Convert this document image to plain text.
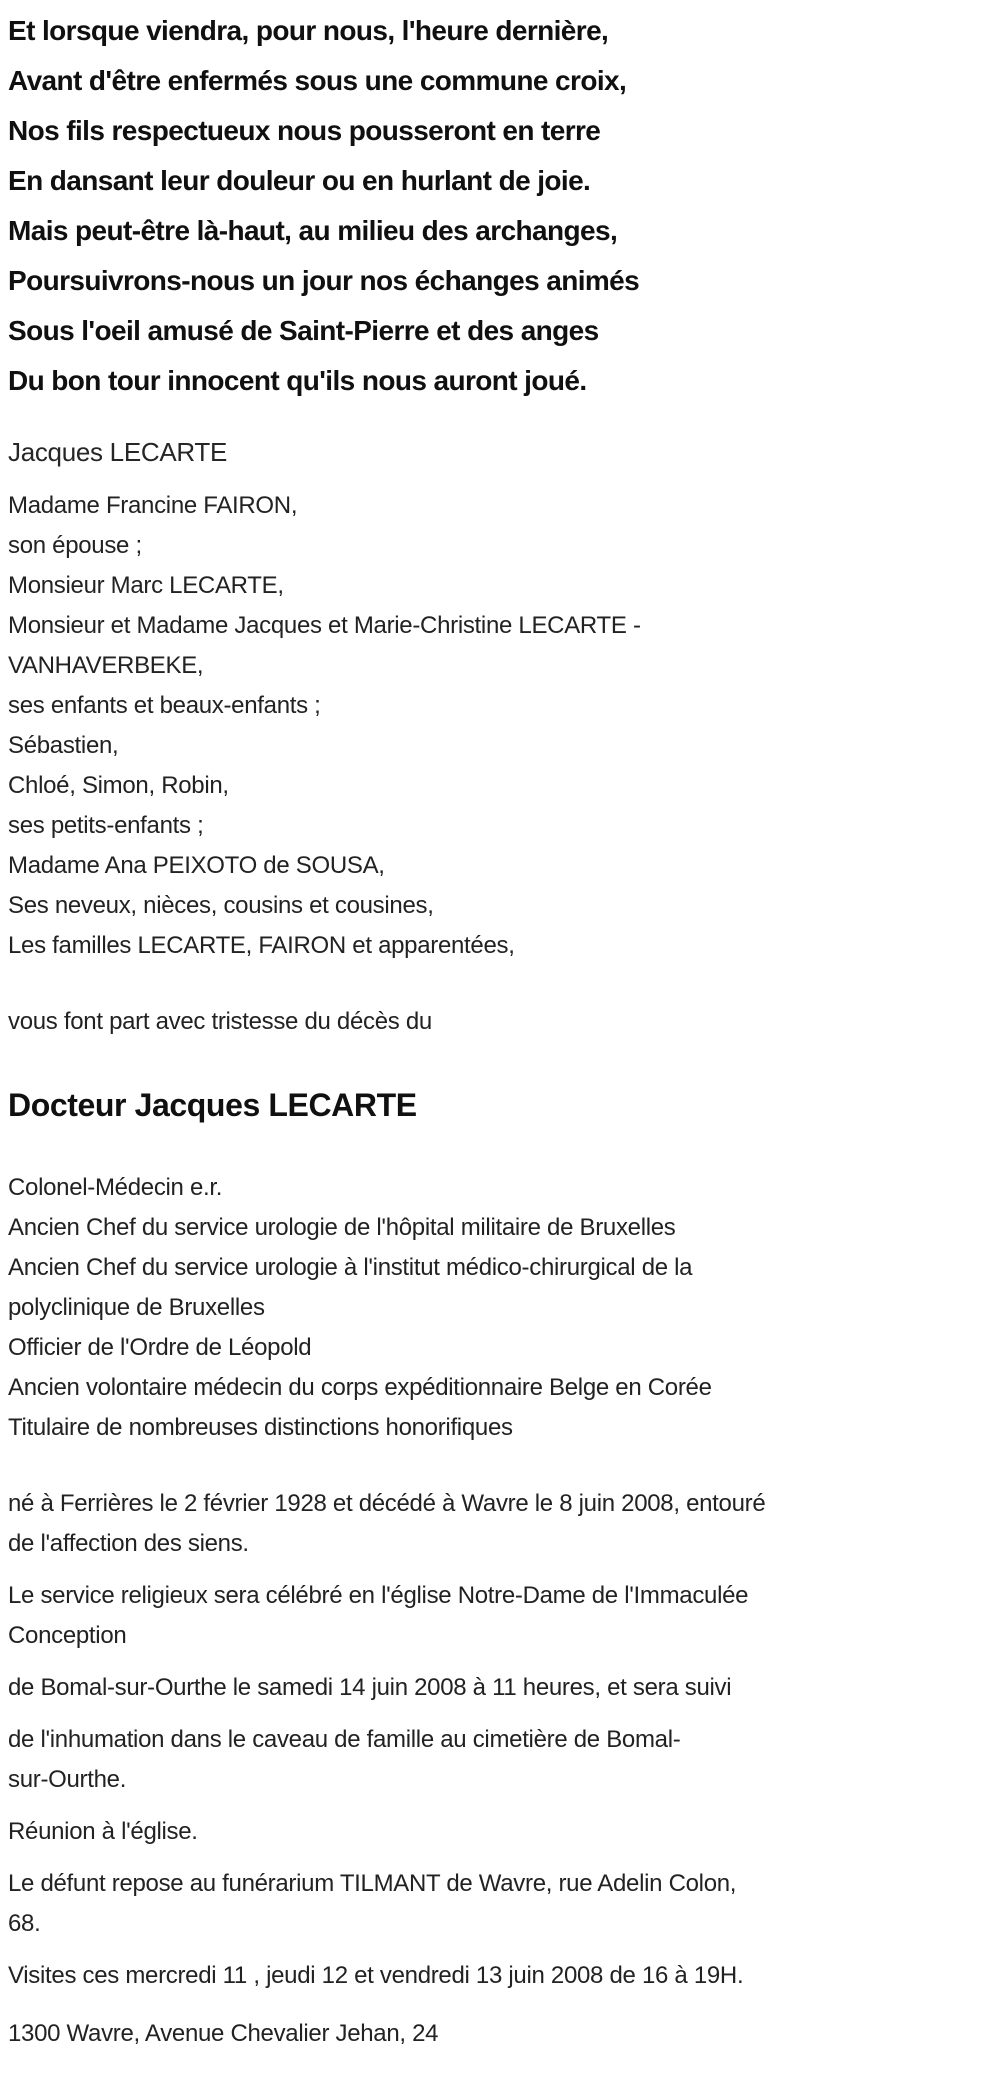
Et lorsque viendra, pour nous, l'heure dernière,

Avant d'être enfermés sous une commune croix,

Nos fils respectueux nous pousseront en terre

En dansant leur douleur ou en hurlant de joie.

Mais peut-être là-haut, au milieu des archanges,

Poursuivrons-nous un jour nos échanges animés

Sous l'oeil amusé de Saint-Pierre et des anges

Du bon tour innocent qu'ils nous auront joué.

Jacques LECARTE

Madame Francine FAIRON,

son épouse ;

Monsieur Marc LECARTE,

Monsieur et Madame Jacques et Marie-Christine LECARTE -

VANHAVERBEKE,

ses enfants et beaux-enfants ;

Sébastien,

Chloé, Simon, Robin,

ses petits-enfants ;

Madame Ana PEIXOTO de SOUSA,

Ses neveux, nièces, cousins et cousines,

Les familles LECARTE, FAIRON et apparentées,

vous font part avec tristesse du décès du

Docteur Jacques LECARTE

Colonel-Médecin e.r.

Ancien Chef du service urologie de l'hôpital militaire de Bruxelles

Ancien Chef du service urologie à l'institut médico-chirurgical de la

polyclinique de Bruxelles

Officier de l'Ordre de Léopold

Ancien volontaire médecin du corps expéditionnaire Belge en Corée

Titulaire de nombreuses distinctions honorifiques

né à Ferrières le 2 février 1928 et décédé à Wavre le 8 juin 2008, entouré

de l'affection des siens.

Le service religieux sera célébré en l'église Notre-Dame de l'Immaculée

Conception

de Bomal-sur-Ourthe le samedi 14 juin 2008 à 11 heures, et sera suivi

de l'inhumation dans le caveau de famille au cimetière de Bomal-

sur-Ourthe.

Réunion à l'église.

Le défunt repose au funérarium TILMANT de Wavre, rue Adelin Colon,

68.

Visites ces mercredi 11 , jeudi 12 et vendredi 13 juin 2008 de 16 à 19H.

1300 Wavre, Avenue Chevalier Jehan, 24
